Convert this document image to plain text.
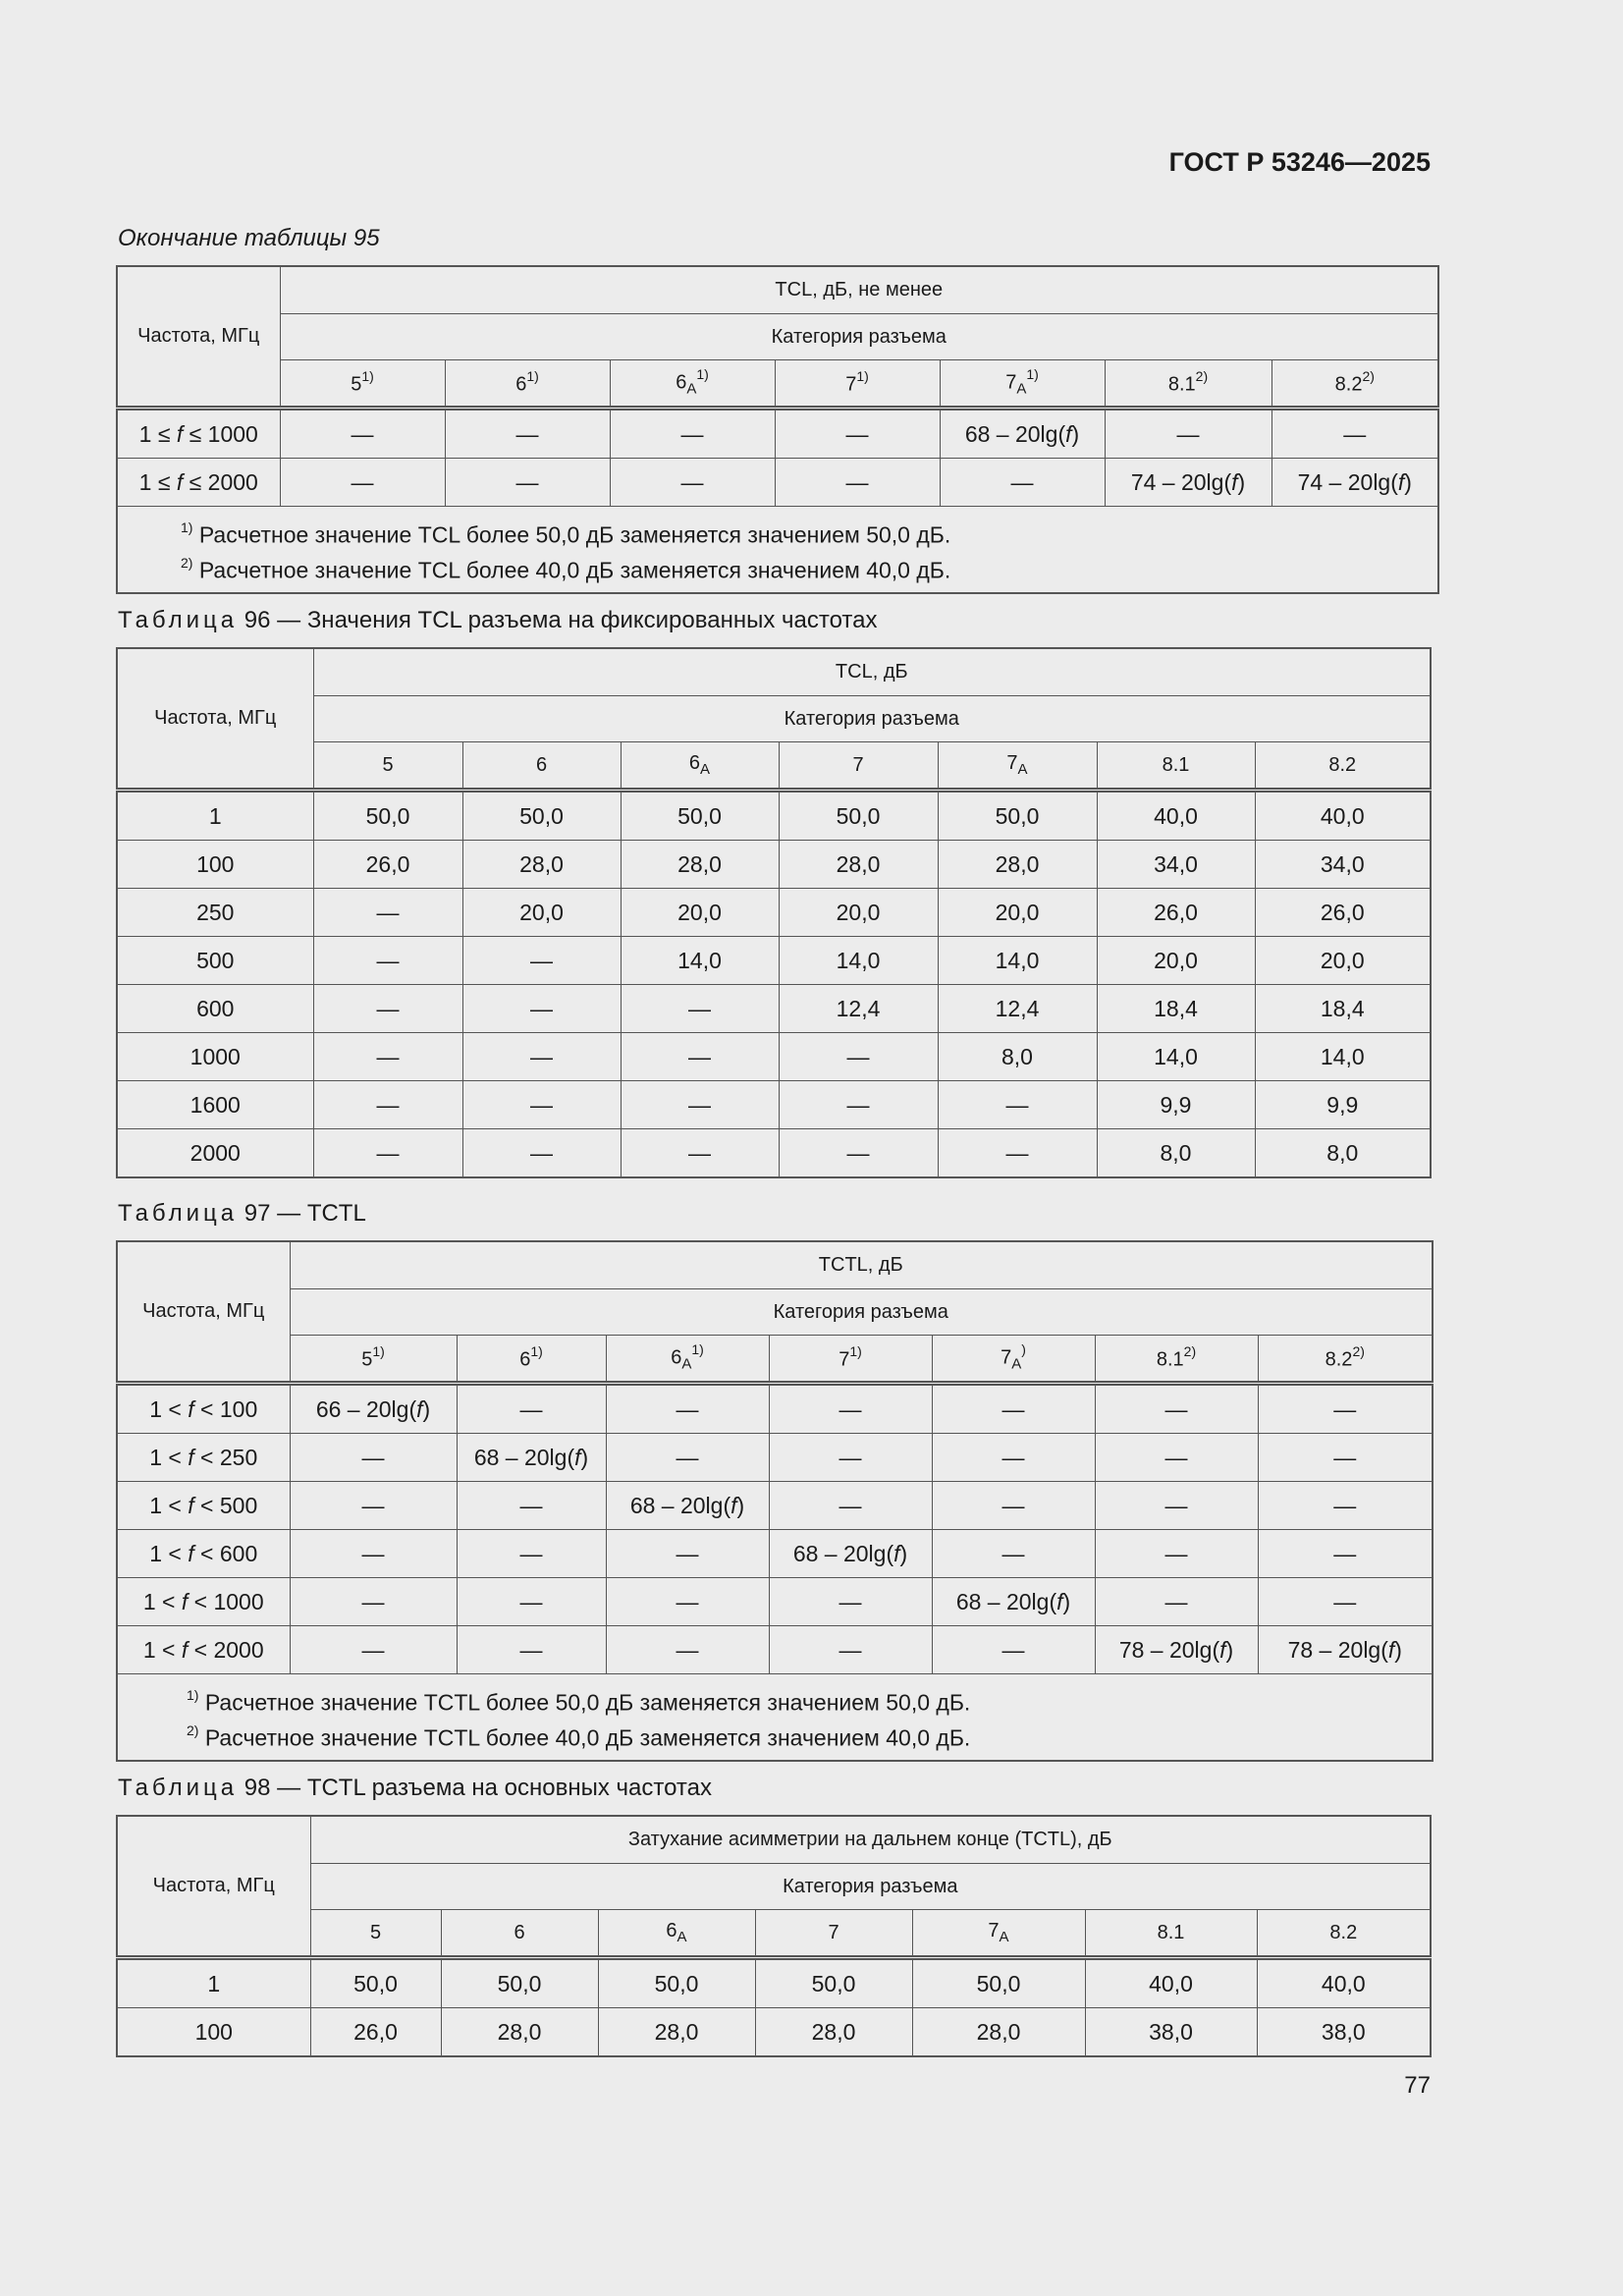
ГОСТ Р 53246—2025
Окончание таблицы 95
Частота, МГц	TCL, дБ, не менее						
	Категория разъема						
	5$^{1)}$	6$^{1)}$	$6_A^{1)}$	7$^{1)}$	$7_A^{1)}$	8.1$^{2)}$	8.2$^{2)}$
1 ≤ f ≤ 1000	—	—	—	—	68 – 20lg(f)	—	—
1 ≤ f ≤ 2000	—	—	—	—	—	74 – 20lg(f)	74 – 20lg(f)

$^{1)}$ Расчетное значение TCL более 50,0 дБ заменяется значением 50,0 дБ.
$^{2)}$ Расчетное значение TCL более 40,0 дБ заменяется значением 40,0 дБ.							
Таблица 96 — Значения TCL разъема на фиксированных частотах
Частота, МГц	TCL, дБ						
	Категория разъема						
	5	6	$6_A$	7	$7_A$	8.1	8.2
1	50,0	50,0	50,0	50,0	50,0	40,0	40,0
100	26,0	28,0	28,0	28,0	28,0	34,0	34,0
250	—	20,0	20,0	20,0	20,0	26,0	26,0
500	—	—	14,0	14,0	14,0	20,0	20,0
600	—	—	—	12,4	12,4	18,4	18,4
1000	—	—	—	—	8,0	14,0	14,0
1600	—	—	—	—	—	9,9	9,9
2000	—	—	—	—	—	8,0	8,0
Таблица 97 — TCTL
Частота, МГц	TCTL, дБ						
	Категория разъема						
	5$^{1)}$	6$^{1)}$	$6_A^{1)}$	7$^{1)}$	$7_A^)$	8.1$^{2)}$	8.2$^{2)}$
1 < f < 100	66 – 20lg(f)	—	—	—	—	—	—
1 < f < 250	—	68 – 20lg(f)	—	—	—	—	—
1 < f < 500	—	—	68 – 20lg(f)	—	—	—	—
1 < f < 600	—	—	—	68 – 20lg(f)	—	—	—
1 < f < 1000	—	—	—	—	68 – 20lg(f)	—	—
1 < f < 2000	—	—	—	—	—	78 – 20lg(f)	78 – 20lg(f)

$^{1)}$ Расчетное значение TCTL более 50,0 дБ заменяется значением 50,0 дБ.
$^{2)}$ Расчетное значение TCTL более 40,0 дБ заменяется значением 40,0 дБ.							
Таблица 98 — TCTL разъема на основных частотах
Частота, МГц	Затухание асимметрии на дальнем конце (TCTL), дБ						
	Категория разъема						
	5	6	$6_A$	7	$7_A$	8.1	8.2
1	50,0	50,0	50,0	50,0	50,0	40,0	40,0
100	26,0	28,0	28,0	28,0	28,0	38,0	38,0
77
